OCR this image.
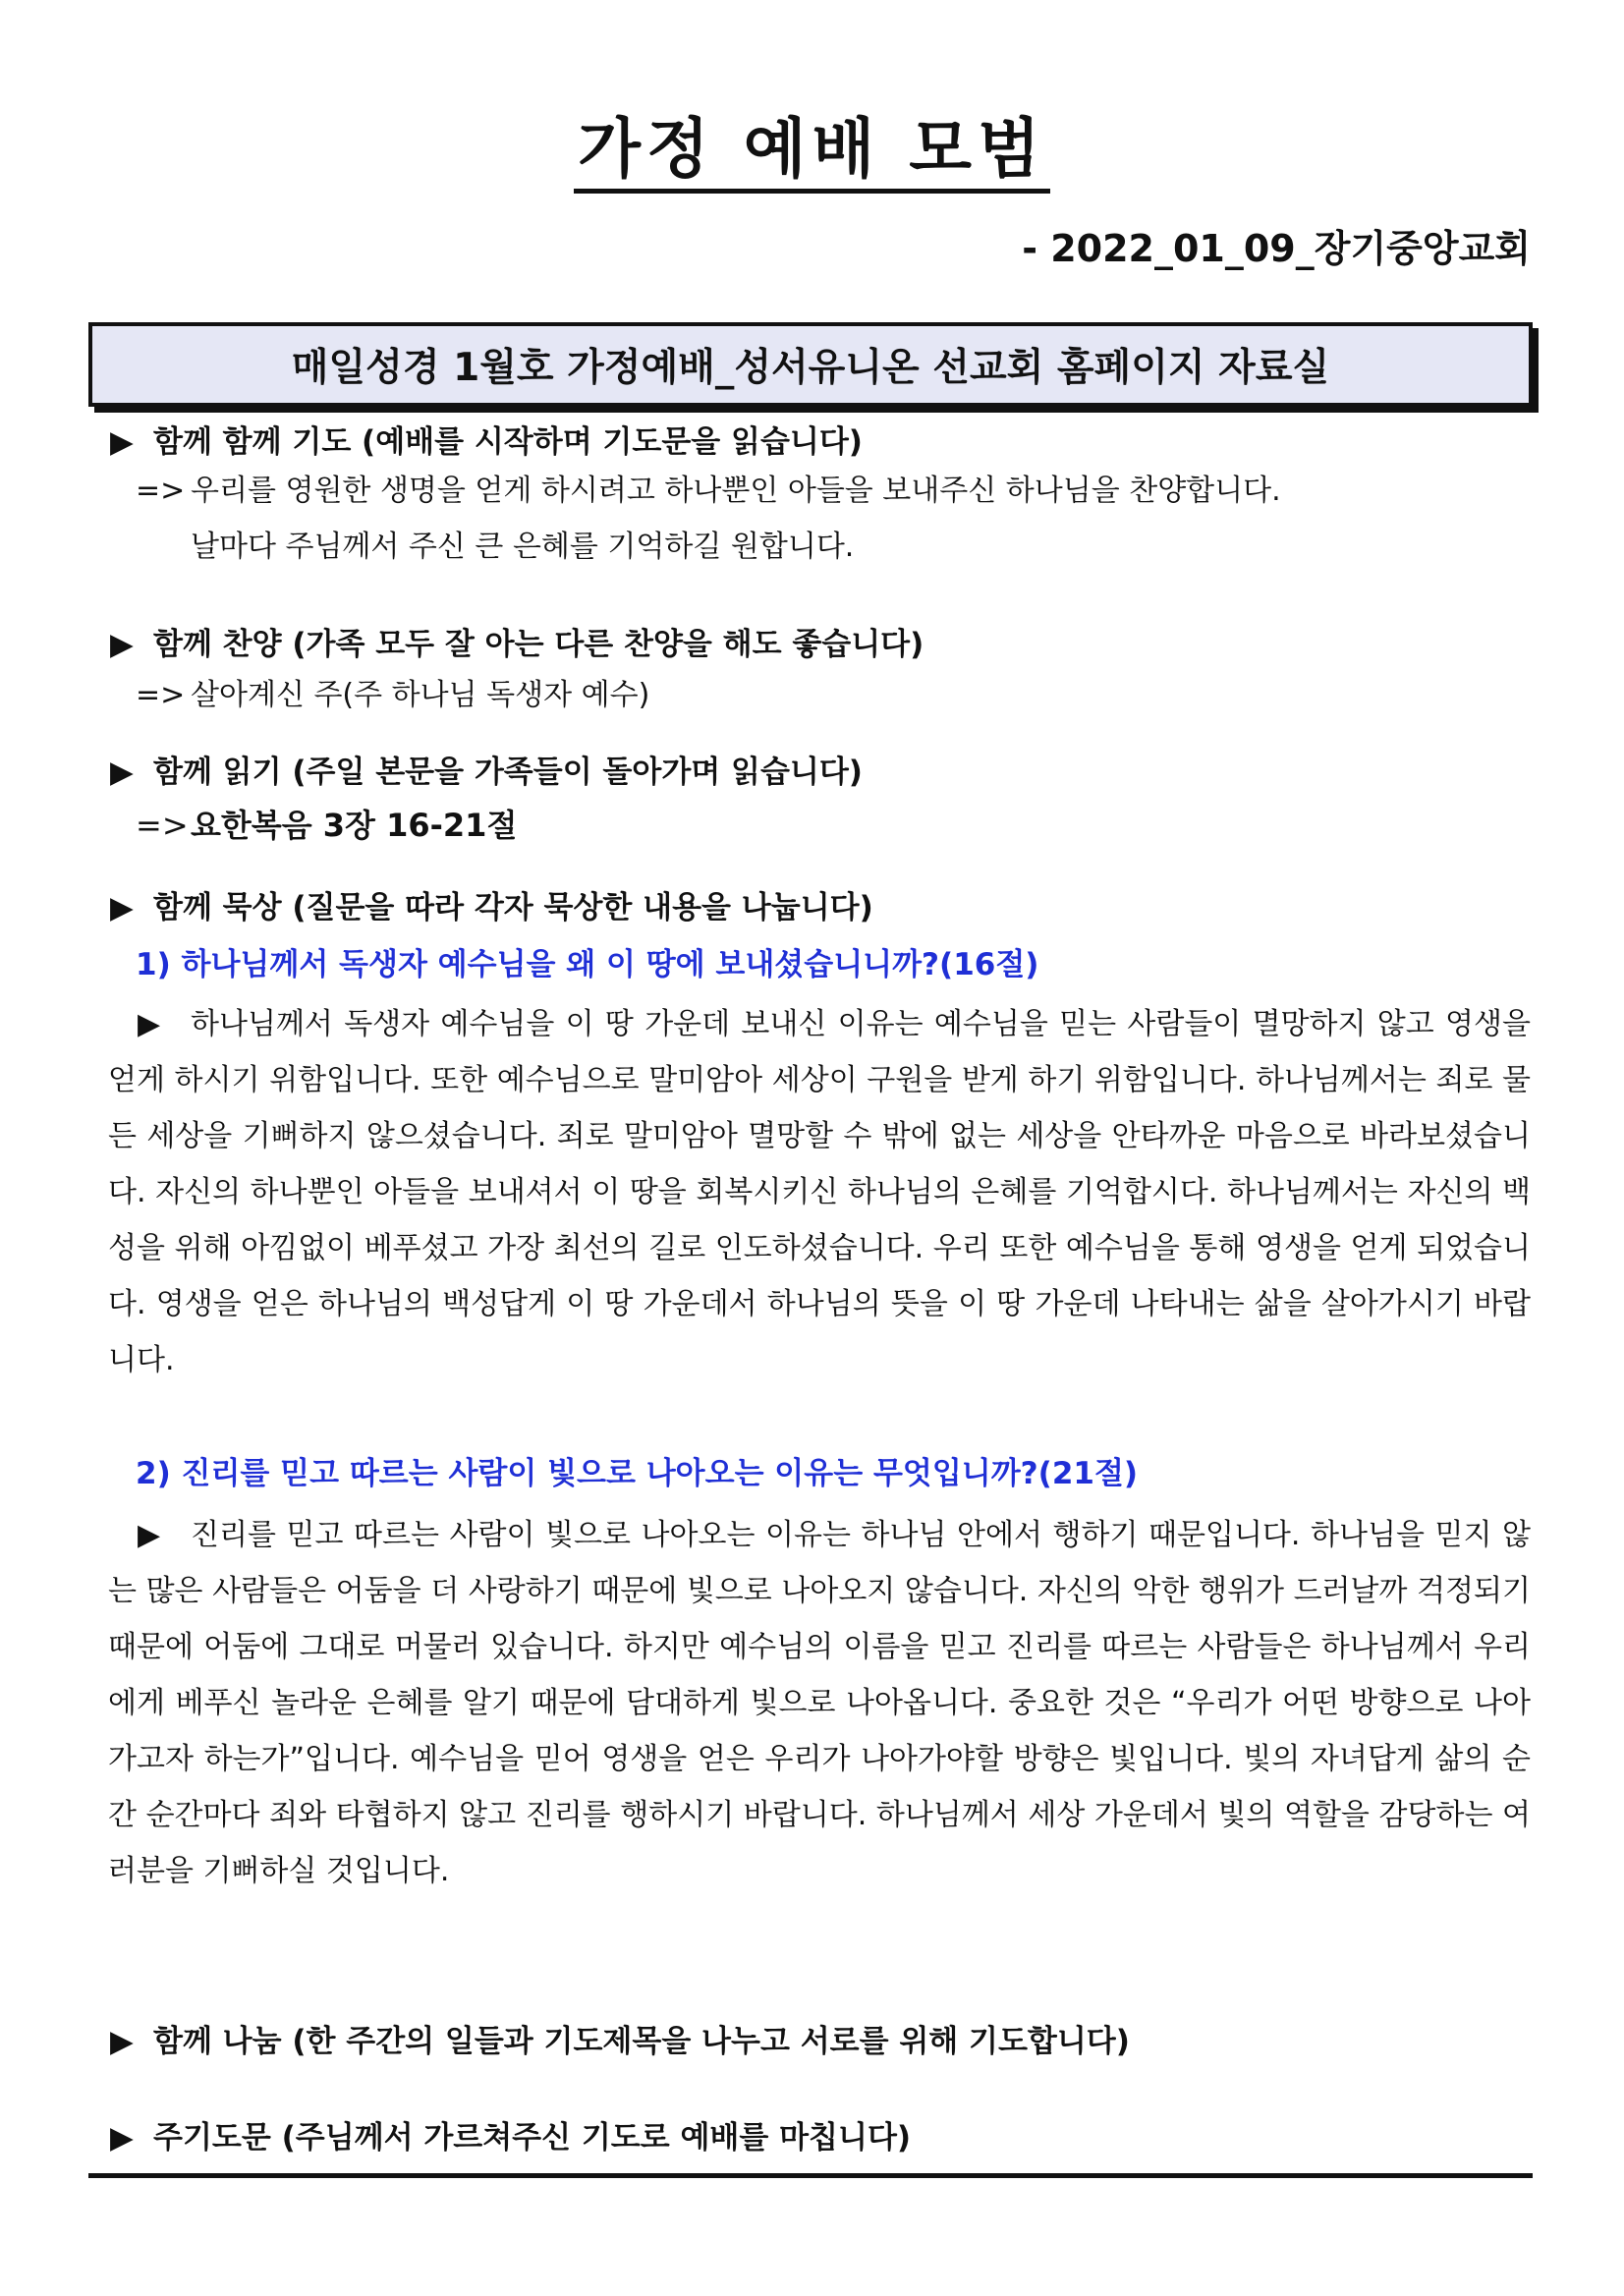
가정 예배 모범
- 2022_01_09_장기중앙교회
매일성경 1월호 가정예배_성서유니온 선교회 홈페이지 자료실
▶ 함께 함께 기도 (예배를 시작하며 기도문을 읽습니다)
=> 우리를 영원한 생명을 얻게 하시려고 하나뿐인 아들을 보내주신 하나님을 찬양합니다.
날마다 주님께서 주신 큰 은혜를 기억하길 원합니다.
▶ 함께 찬양 (가족 모두 잘 아는 다른 찬양을 해도 좋습니다)
=> 살아계신 주(주 하나님 독생자 예수)
▶ 함께 읽기 (주일 본문을 가족들이 돌아가며 읽습니다)
=>요한복음 3장 16-21절
▶ 함께 묵상 (질문을 따라 각자 묵상한 내용을 나눕니다)
1) 하나님께서 독생자 예수님을 왜 이 땅에 보내셨습니니까?(16절)

▶ 하나님께서 독생자 예수님을 이 땅 가운데 보내신 이유는 예수님을 믿는 사람들이 멸망하지 않고 영생을 얻게 하시기 위함입니다. 또한 예수님으로 말미암아 세상이 구원을 받게 하기 위함입니다. 하나님께서는 죄로 물든 세상을 기뻐하지 않으셨습니다. 죄로 말미암아 멸망할 수 밖에 없는 세상을 안타까운 마음으로 바라보셨습니다. 자신의 하나뿐인 아들을 보내셔서 이 땅을 회복시키신 하나님의 은혜를 기억합시다. 하나님께서는 자신의 백성을 위해 아낌없이 베푸셨고 가장 최선의 길로 인도하셨습니다. 우리 또한 예수님을 통해 영생을 얻게 되었습니다. 영생을 얻은 하나님의 백성답게 이 땅 가운데서 하나님의 뜻을 이 땅 가운데 나타내는 삶을 살아가시기 바랍니다.

2) 진리를 믿고 따르는 사람이 빛으로 나아오는 이유는 무엇입니까?(21절)

▶ 진리를 믿고 따르는 사람이 빛으로 나아오는 이유는 하나님 안에서 행하기 때문입니다. 하나님을 믿지 않는 많은 사람들은 어둠을 더 사랑하기 때문에 빛으로 나아오지 않습니다. 자신의 악한 행위가 드러날까 걱정되기 때문에 어둠에 그대로 머물러 있습니다. 하지만 예수님의 이름을 믿고 진리를 따르는 사람들은 하나님께서 우리에게 베푸신 놀라운 은혜를 알기 때문에 담대하게 빛으로 나아옵니다. 중요한 것은 “우리가 어떤 방향으로 나아가고자 하는가”입니다. 예수님을 믿어 영생을 얻은 우리가 나아가야할 방향은 빛입니다. 빛의 자녀답게 삶의 순간 순간마다 죄와 타협하지 않고 진리를 행하시기 바랍니다. 하나님께서 세상 가운데서 빛의 역할을 감당하는 여러분을 기뻐하실 것입니다.

▶ 함께 나눔 (한 주간의 일들과 기도제목을 나누고 서로를 위해 기도합니다)
▶ 주기도문 (주님께서 가르쳐주신 기도로 예배를 마칩니다)
